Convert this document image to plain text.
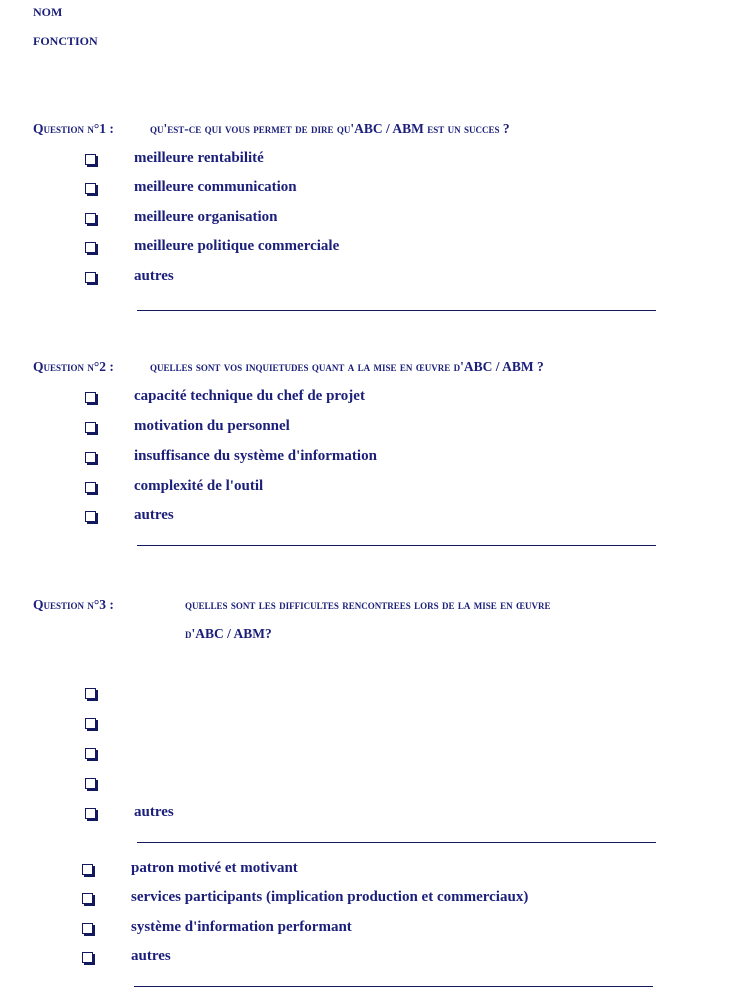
NOM
FONCTION
Question n°1 :	qu'est-ce qui vous permet de dire qu'ABC / ABM est un succes ?
meilleure rentabilité
meilleure communication
meilleure organisation
meilleure politique commerciale
autres
Question n°2 :	quelles sont vos inquietudes quant a la mise en œuvre d'ABC / ABM ?
capacité technique du chef de projet
motivation du personnel
insuffisance du système d'information
complexité de l'outil
autres
Question n°3 :	quelles sont les difficultes rencontrees lors de la mise en œuvre
d'ABC / ABM?
autres
patron motivé et motivant
services participants (implication production et commerciaux)
système d'information performant
autres
